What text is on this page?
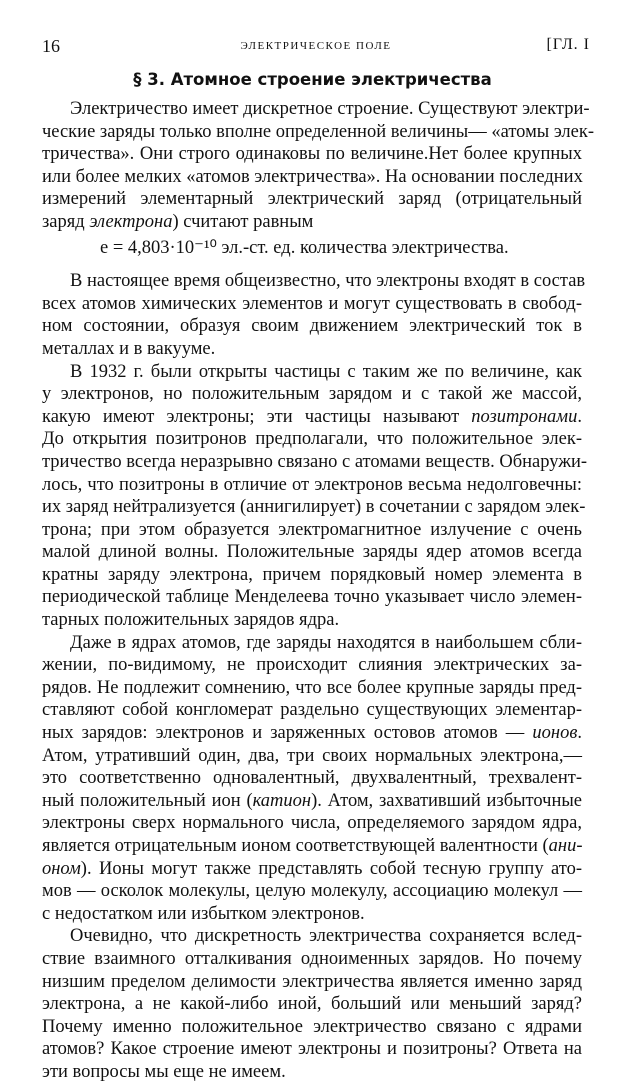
16	ЭЛЕКТРИЧЕСКОЕ ПОЛЕ	[ГЛ. I
§ 3. Атомное строение электричества
Электричество имеет дискретное строение. Существуют электри-
ческие заряды только вполне определенной величины— «атомы элек-
тричества». Они строго одинаковы по величине.Нет более крупных
или более мелких «атомов электричества». На основании последних
измерений элементарный электрический заряд (отрицательный
заряд электрона) считают равным
e = 4,803·10⁻¹⁰ эл.-ст. ед. количества электричества.
В настоящее время общеизвестно, что электроны входят в состав
всех атомов химических элементов и могут существовать в свобод-
ном состоянии, образуя своим движением электрический ток в
металлах и в вакууме.
В 1932 г. были открыты частицы с таким же по величине, как
у электронов, но положительным зарядом и с такой же массой,
какую имеют электроны; эти частицы называют позитронами.
До открытия позитронов предполагали, что положительное элек-
тричество всегда неразрывно связано с атомами веществ. Обнаружи-
лось, что позитроны в отличие от электронов весьма недолговечны:
их заряд нейтрализуется (аннигилирует) в сочетании с зарядом элек-
трона; при этом образуется электромагнитное излучение с очень
малой длиной волны. Положительные заряды ядер атомов всегда
кратны заряду электрона, причем порядковый номер элемента в
периодической таблице Менделеева точно указывает число элемен-
тарных положительных зарядов ядра.
Даже в ядрах атомов, где заряды находятся в наибольшем сбли-
жении, по-видимому, не происходит слияния электрических за-
рядов. Не подлежит сомнению, что все более крупные заряды пред-
ставляют собой конгломерат раздельно существующих элементар-
ных зарядов: электронов и заряженных остовов атомов — ионов.
Атом, утративший один, два, три своих нормальных электрона,—
это соответственно одновалентный, двухвалентный, трехвалент-
ный положительный ион (катион). Атом, захвативший избыточные
электроны сверх нормального числа, определяемого зарядом ядра,
является отрицательным ионом соответствующей валентности (ани-
оном). Ионы могут также представлять собой тесную группу ато-
мов — осколок молекулы, целую молекулу, ассоциацию молекул —
с недостатком или избытком электронов.
Очевидно, что дискретность электричества сохраняется вслед-
ствие взаимного отталкивания одноименных зарядов. Но почему
низшим пределом делимости электричества является именно заряд
электрона, а не какой-либо иной, больший или меньший заряд?
Почему именно положительное электричество связано с ядрами
атомов? Какое строение имеют электроны и позитроны? Ответа на
эти вопросы мы еще не имеем.
